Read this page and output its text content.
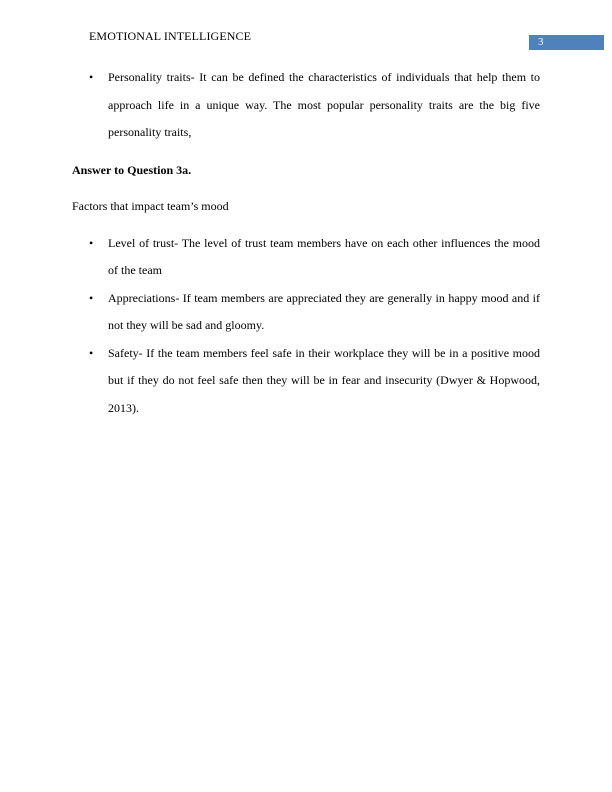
EMOTIONAL INTELLIGENCE	3
• Personality traits- It can be defined the characteristics of individuals that help them to approach life in a unique way. The most popular personality traits are the big five personality traits,

Answer to Question 3a.

Factors that impact team’s mood

• Level of trust- The level of trust team members have on each other influences the mood of the team
• Appreciations- If team members are appreciated they are generally in happy mood and if not they will be sad and gloomy.
• Safety- If the team members feel safe in their workplace they will be in a positive mood but if they do not feel safe then they will be in fear and insecurity (Dwyer & Hopwood, 2013).
